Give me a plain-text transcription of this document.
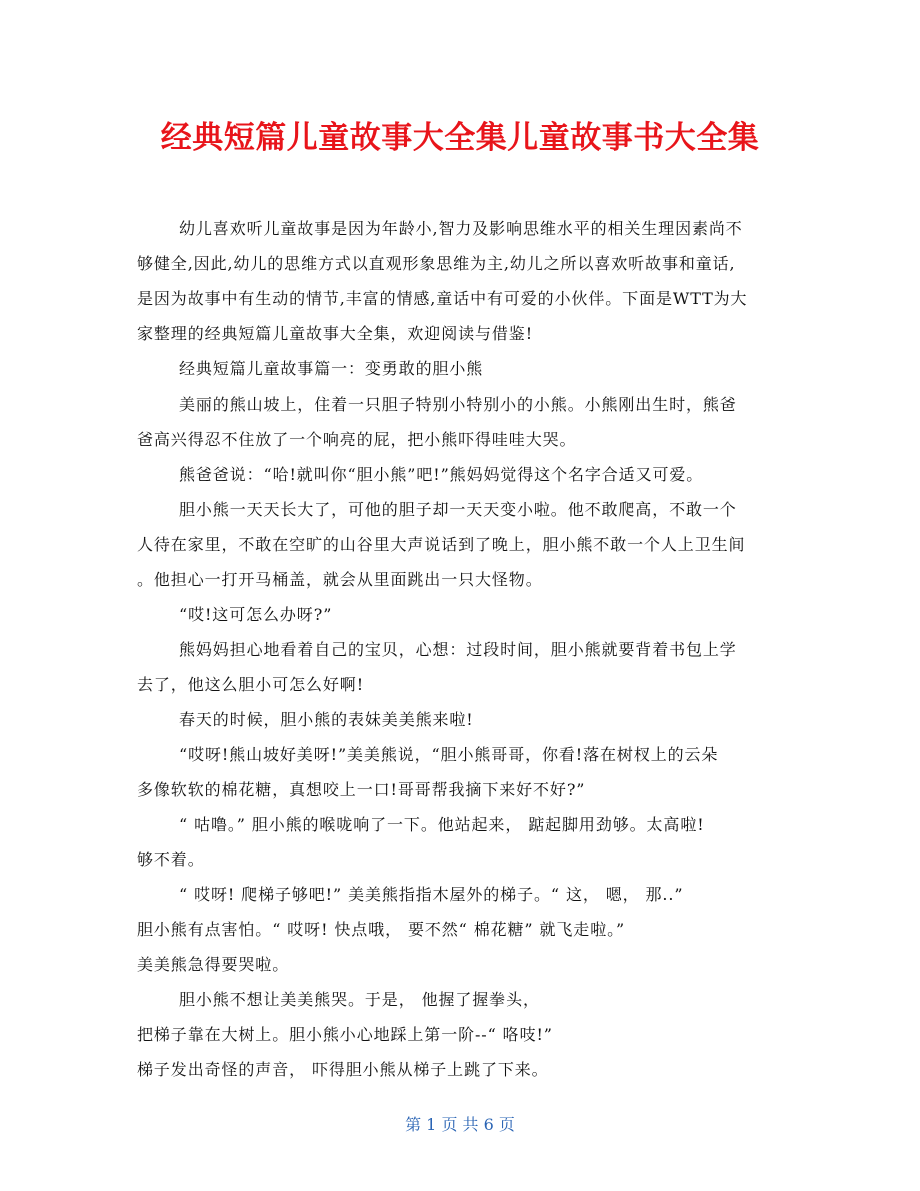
经典短篇儿童故事大全集儿童故事书大全集
幼儿喜欢听儿童故事是因为年龄小,智力及影响思维水平的相关生理因素尚不
够健全,因此,幼儿的思维方式以直观形象思维为主,幼儿之所以喜欢听故事和童话,
是因为故事中有生动的情节,丰富的情感,童话中有可爱的小伙伴。下面是WTT为大
家整理的经典短篇儿童故事大全集，欢迎阅读与借鉴!
经典短篇儿童故事篇一：变勇敢的胆小熊
美丽的熊山坡上，住着一只胆子特别小特别小的小熊。小熊刚出生时，熊爸
爸高兴得忍不住放了一个响亮的屁，把小熊吓得哇哇大哭。
熊爸爸说：“哈!就叫你“胆小熊”吧!”熊妈妈觉得这个名字合适又可爱。
胆小熊一天天长大了，可他的胆子却一天天变小啦。他不敢爬高，不敢一个
人待在家里，不敢在空旷的山谷里大声说话到了晚上，胆小熊不敢一个人上卫生间
。他担心一打开马桶盖，就会从里面跳出一只大怪物。
“哎!这可怎么办呀?”
熊妈妈担心地看着自己的宝贝，心想：过段时间，胆小熊就要背着书包上学
去了，他这么胆小可怎么好啊!
春天的时候，胆小熊的表妹美美熊来啦!
“哎呀!熊山坡好美呀!”美美熊说，“胆小熊哥哥，你看!落在树杈上的云朵
多像软软的棉花糖，真想咬上一口!哥哥帮我摘下来好不好?”
“ 咕噜。” 胆小熊的喉咙响了一下。他站起来， 踮起脚用劲够。太高啦!
够不着。
“ 哎呀! 爬梯子够吧!” 美美熊指指木屋外的梯子。“ 这， 嗯， 那..”
胆小熊有点害怕。“ 哎呀! 快点哦， 要不然“ 棉花糖” 就飞走啦。”
美美熊急得要哭啦。
胆小熊不想让美美熊哭。于是， 他握了握拳头，
把梯子靠在大树上。胆小熊小心地踩上第一阶--“ 咯吱!”
梯子发出奇怪的声音， 吓得胆小熊从梯子上跳了下来。
第 1 页 共 6 页
